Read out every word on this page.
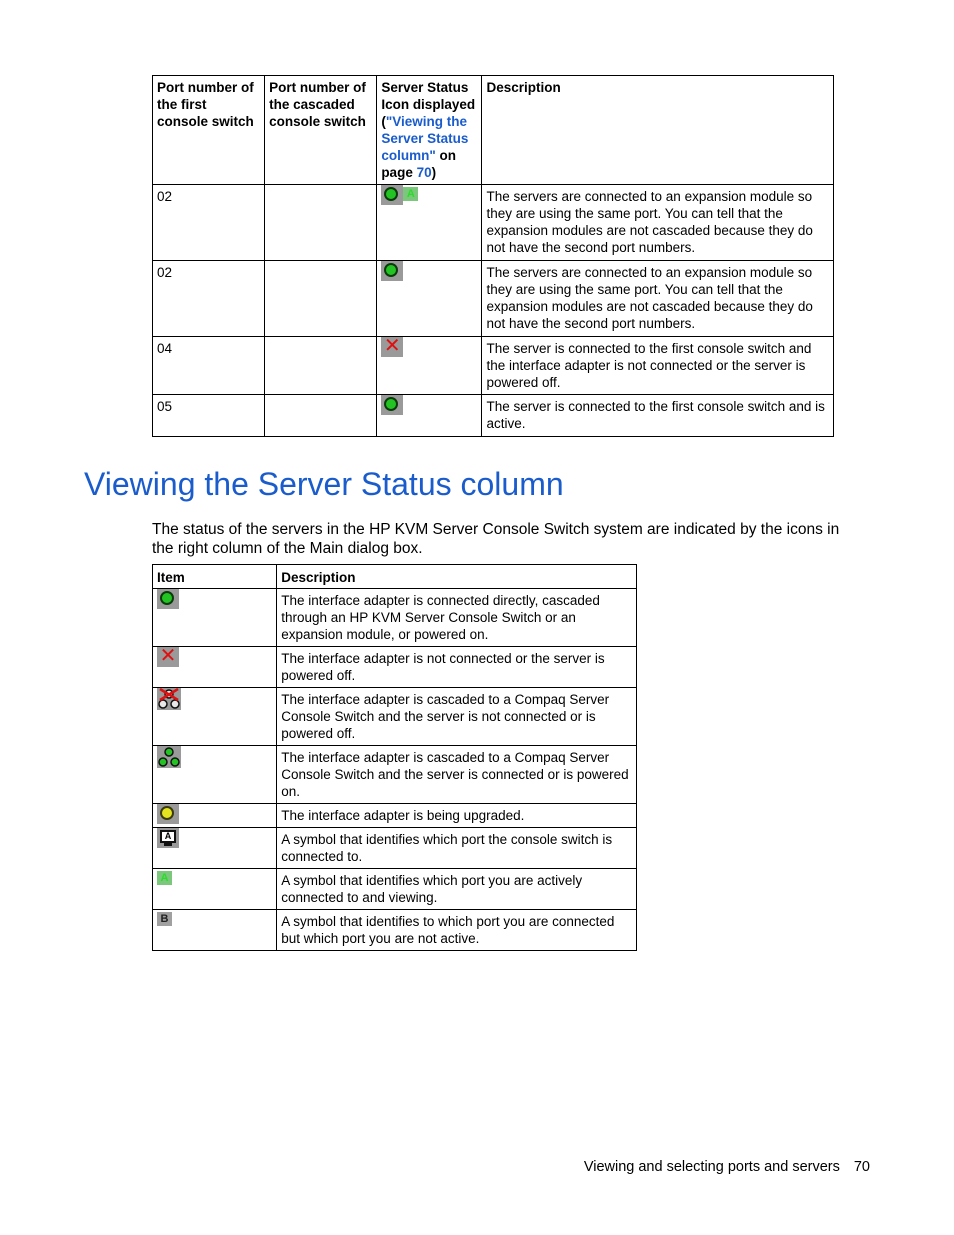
Port number of the first console switch	Port number of the cascaded console switch	Server Status Icon displayed ("Viewing the Server Status column" on page 70)	Description
02		A	The servers are connected to an expansion module so they are using the same port. You can tell that the expansion modules are not cascaded because they do not have the second port numbers.
02			The servers are connected to an expansion module so they are using the same port. You can tell that the expansion modules are not cascaded because they do not have the second port numbers.
04		✕	The server is connected to the first console switch and the interface adapter is not connected or the server is powered off.
05			The server is connected to the first console switch and is active.
Viewing the Server Status column

The status of the servers in the HP KVM Server Console Switch system are indicated by the icons in the right column of the Main dialog box.

Item	Description

	The interface adapter is connected directly, cascaded through an HP KVM Server Console Switch or an expansion module, or powered on.

✕	The interface adapter is not connected or the server is powered off.

	The interface adapter is cascaded to a Compaq Server Console Switch and the server is not connected or is powered off.

	The interface adapter is cascaded to a Compaq Server Console Switch and the server is connected or is powered on.

	The interface adapter is being upgraded.

A	A symbol that identifies which port the console switch is connected to.
A	A symbol that identifies which port you are actively connected to and viewing.
B	A symbol that identifies to which port you are connected but which port you are not active.
Viewing and selecting ports and servers 70
